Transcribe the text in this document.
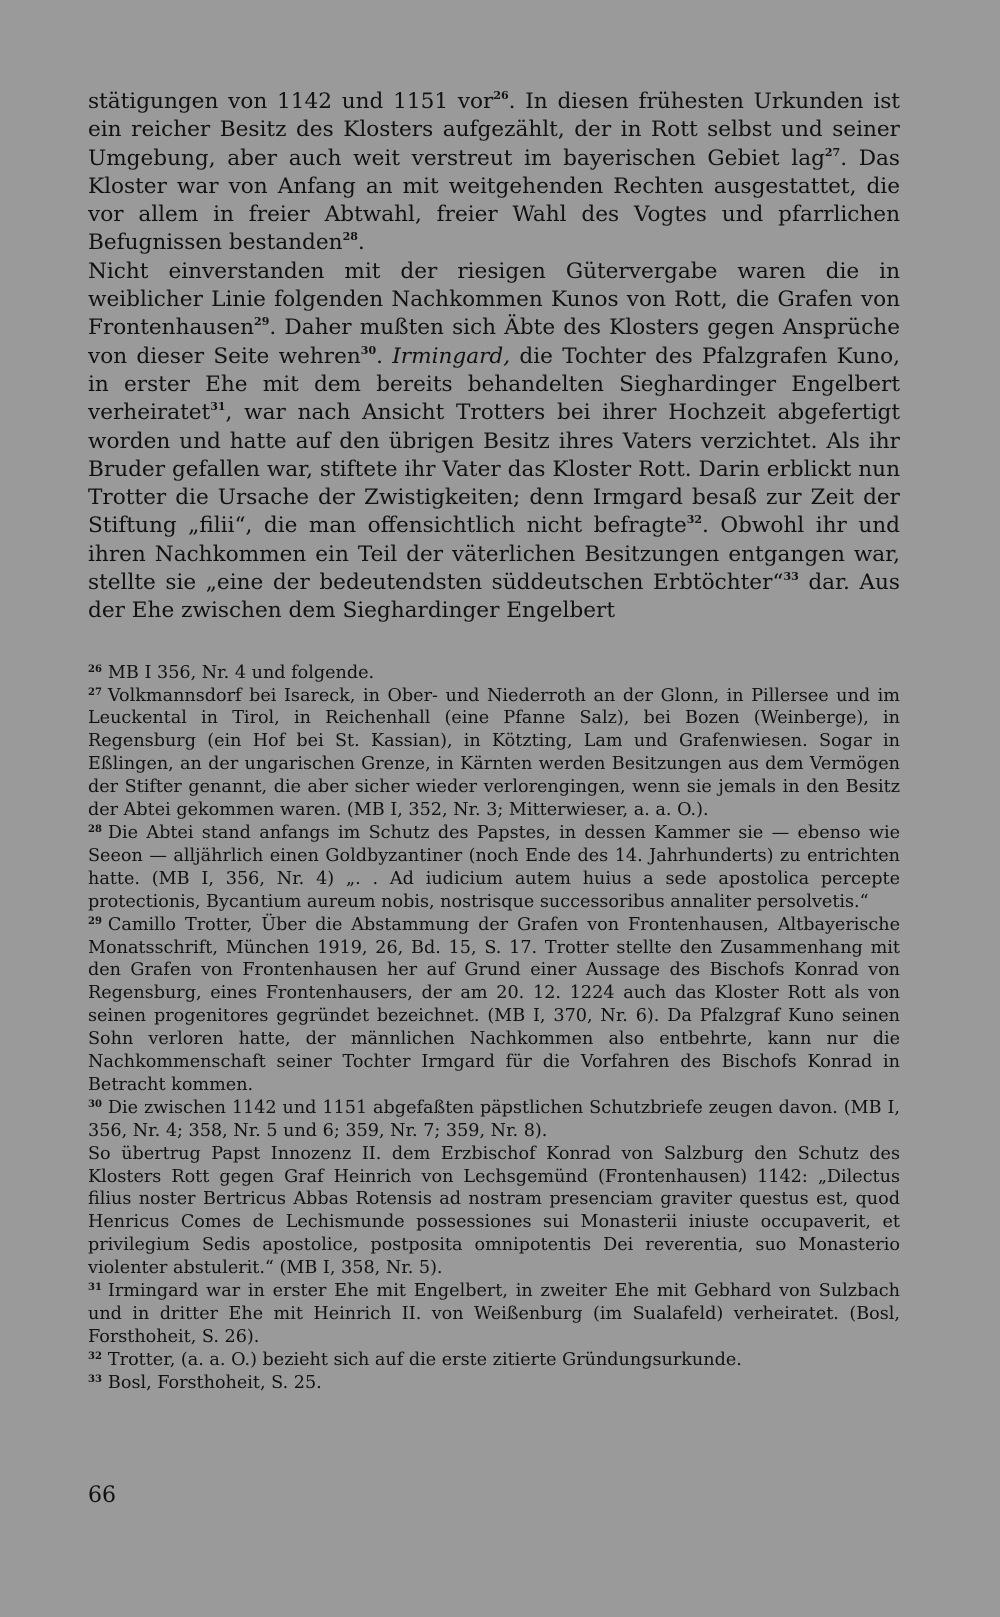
stätigungen von 1142 und 1151 vor$^{26}$. In diesen frühesten Urkunden ist ein reicher Besitz des Klosters aufgezählt, der in Rott selbst und seiner Umgebung, aber auch weit verstreut im bayerischen Gebiet lag$^{27}$. Das Kloster war von Anfang an mit weitgehenden Rechten ausgestattet, die vor allem in freier Abtwahl, freier Wahl des Vogtes und pfarrlichen Befugnissen bestanden$^{28}$.

Nicht einverstanden mit der riesigen Gütervergabe waren die in weiblicher Linie folgenden Nachkommen Kunos von Rott, die Grafen von Frontenhausen$^{29}$. Daher mußten sich Äbte des Klosters gegen Ansprüche von dieser Seite wehren$^{30}$. Irmingard, die Tochter des Pfalzgrafen Kuno, in erster Ehe mit dem bereits behandelten Sieghardinger Engelbert verheiratet$^{31}$, war nach Ansicht Trotters bei ihrer Hochzeit abgefertigt worden und hatte auf den übrigen Besitz ihres Vaters verzichtet. Als ihr Bruder gefallen war, stiftete ihr Vater das Kloster Rott. Darin erblickt nun Trotter die Ursache der Zwistigkeiten; denn Irmgard besaß zur Zeit der Stiftung „filii“, die man offensichtlich nicht befragte$^{32}$. Obwohl ihr und ihren Nachkommen ein Teil der väterlichen Besitzungen entgangen war, stellte sie „eine der bedeutendsten süddeutschen Erbtöchter“$^{33}$ dar. Aus der Ehe zwischen dem Sieghardinger Engelbert

$^{26}$ MB I 356, Nr. 4 und folgende.

$^{27}$ Volkmannsdorf bei Isareck, in Ober- und Niederroth an der Glonn, in Pillersee und im Leuckental in Tirol, in Reichenhall (eine Pfanne Salz), bei Bozen (Weinberge), in Regensburg (ein Hof bei St. Kassian), in Kötzting, Lam und Grafenwiesen. Sogar in Eßlingen, an der ungarischen Grenze, in Kärnten werden Besitzungen aus dem Vermögen der Stifter genannt, die aber sicher wieder verlorengingen, wenn sie jemals in den Besitz der Abtei gekommen waren. (MB I, 352, Nr. 3; Mitterwieser, a. a. O.).

$^{28}$ Die Abtei stand anfangs im Schutz des Papstes, in dessen Kammer sie — ebenso wie Seeon — alljährlich einen Goldbyzantiner (noch Ende des 14. Jahrhunderts) zu entrichten hatte. (MB I, 356, Nr. 4) „. . Ad iudicium autem huius a sede apostolica percepte protectionis, Bycantium aureum nobis, nostrisque successoribus annaliter persolvetis.“

$^{29}$ Camillo Trotter, Über die Abstammung der Grafen von Frontenhausen, Altbayerische Monatsschrift, München 1919, 26, Bd. 15, S. 17. Trotter stellte den Zusammenhang mit den Grafen von Frontenhausen her auf Grund einer Aussage des Bischofs Konrad von Regensburg, eines Frontenhausers, der am 20. 12. 1224 auch das Kloster Rott als von seinen progenitores gegründet bezeichnet. (MB I, 370, Nr. 6). Da Pfalzgraf Kuno seinen Sohn verloren hatte, der männlichen Nachkommen also entbehrte, kann nur die Nachkommenschaft seiner Tochter Irmgard für die Vorfahren des Bischofs Konrad in Betracht kommen.

$^{30}$ Die zwischen 1142 und 1151 abgefaßten päpstlichen Schutzbriefe zeugen davon. (MB I, 356, Nr. 4; 358, Nr. 5 und 6; 359, Nr. 7; 359, Nr. 8).

So übertrug Papst Innozenz II. dem Erzbischof Konrad von Salzburg den Schutz des Klosters Rott gegen Graf Heinrich von Lechsgemünd (Frontenhausen) 1142: „Dilectus filius noster Bertricus Abbas Rotensis ad nostram presenciam graviter questus est, quod Henricus Comes de Lechismunde possessiones sui Monasterii iniuste occupaverit, et privilegium Sedis apostolice, postposita omnipotentis Dei reverentia, suo Monasterio violenter abstulerit.“ (MB I, 358, Nr. 5).

$^{31}$ Irmingard war in erster Ehe mit Engelbert, in zweiter Ehe mit Gebhard von Sulzbach und in dritter Ehe mit Heinrich II. von Weißenburg (im Sualafeld) verheiratet. (Bosl, Forsthoheit, S. 26).

$^{32}$ Trotter, (a. a. O.) bezieht sich auf die erste zitierte Gründungsurkunde.

$^{33}$ Bosl, Forsthoheit, S. 25.

66
